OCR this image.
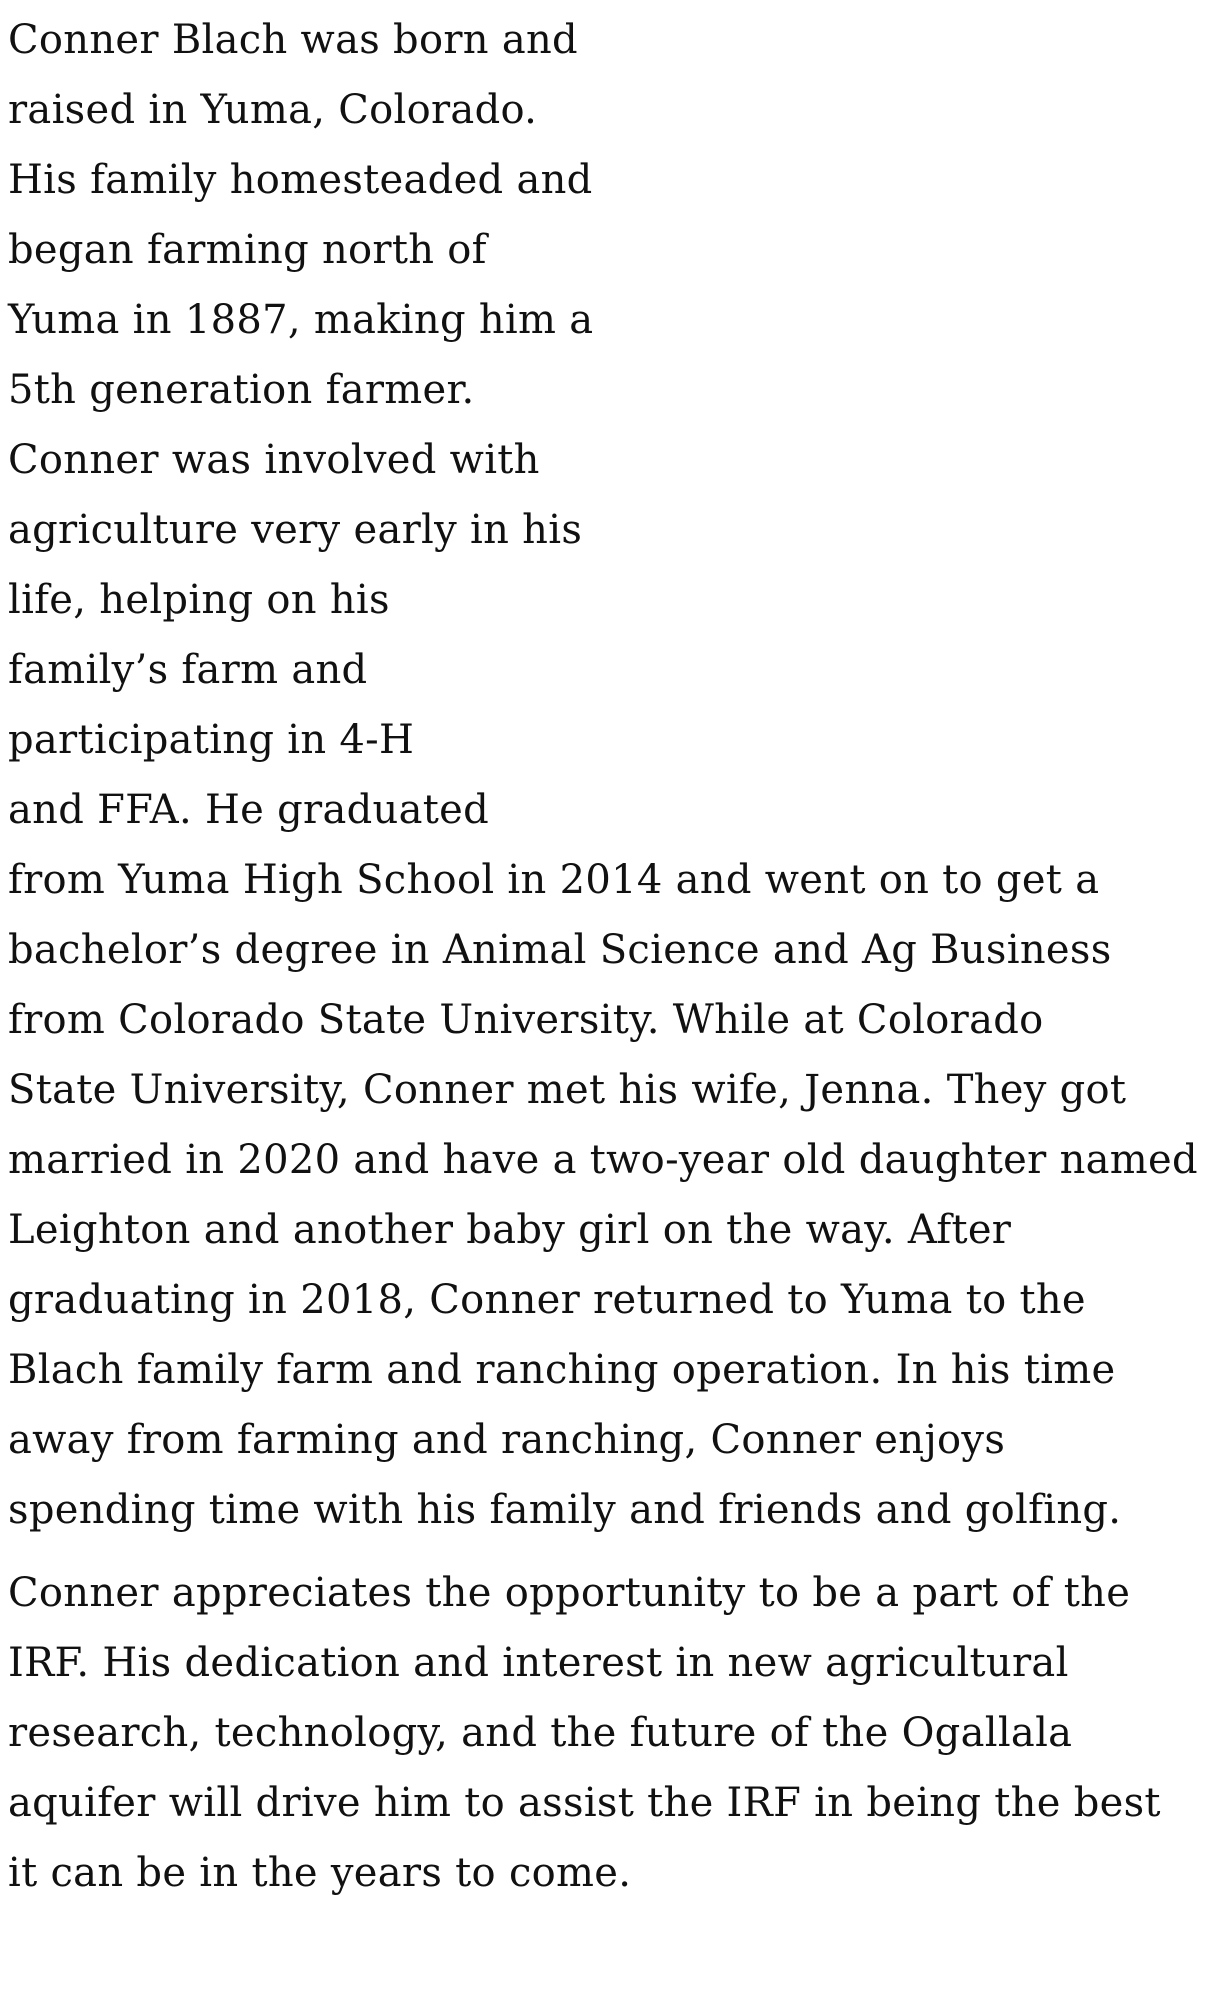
Conner Blach was born and
raised in Yuma, Colorado.
His family homesteaded and
began farming north of
Yuma in 1887, making him a
5th generation farmer.
Conner was involved with
agriculture very early in his
life, helping on his
family’s farm and
participating in 4-H
and FFA. He graduated
from Yuma High School in 2014 and went on to get a
bachelor’s degree in Animal Science and Ag Business
from Colorado State University. While at Colorado
State University, Conner met his wife, Jenna. They got
married in 2020 and have a two-year old daughter named
Leighton and another baby girl on the way. After
graduating in 2018, Conner returned to Yuma to the
Blach family farm and ranching operation. In his time
away from farming and ranching, Conner enjoys
spending time with his family and friends and golfing.
Conner appreciates the opportunity to be a part of the
IRF. His dedication and interest in new agricultural
research, technology, and the future of the Ogallala
aquifer will drive him to assist the IRF in being the best
it can be in the years to come.
